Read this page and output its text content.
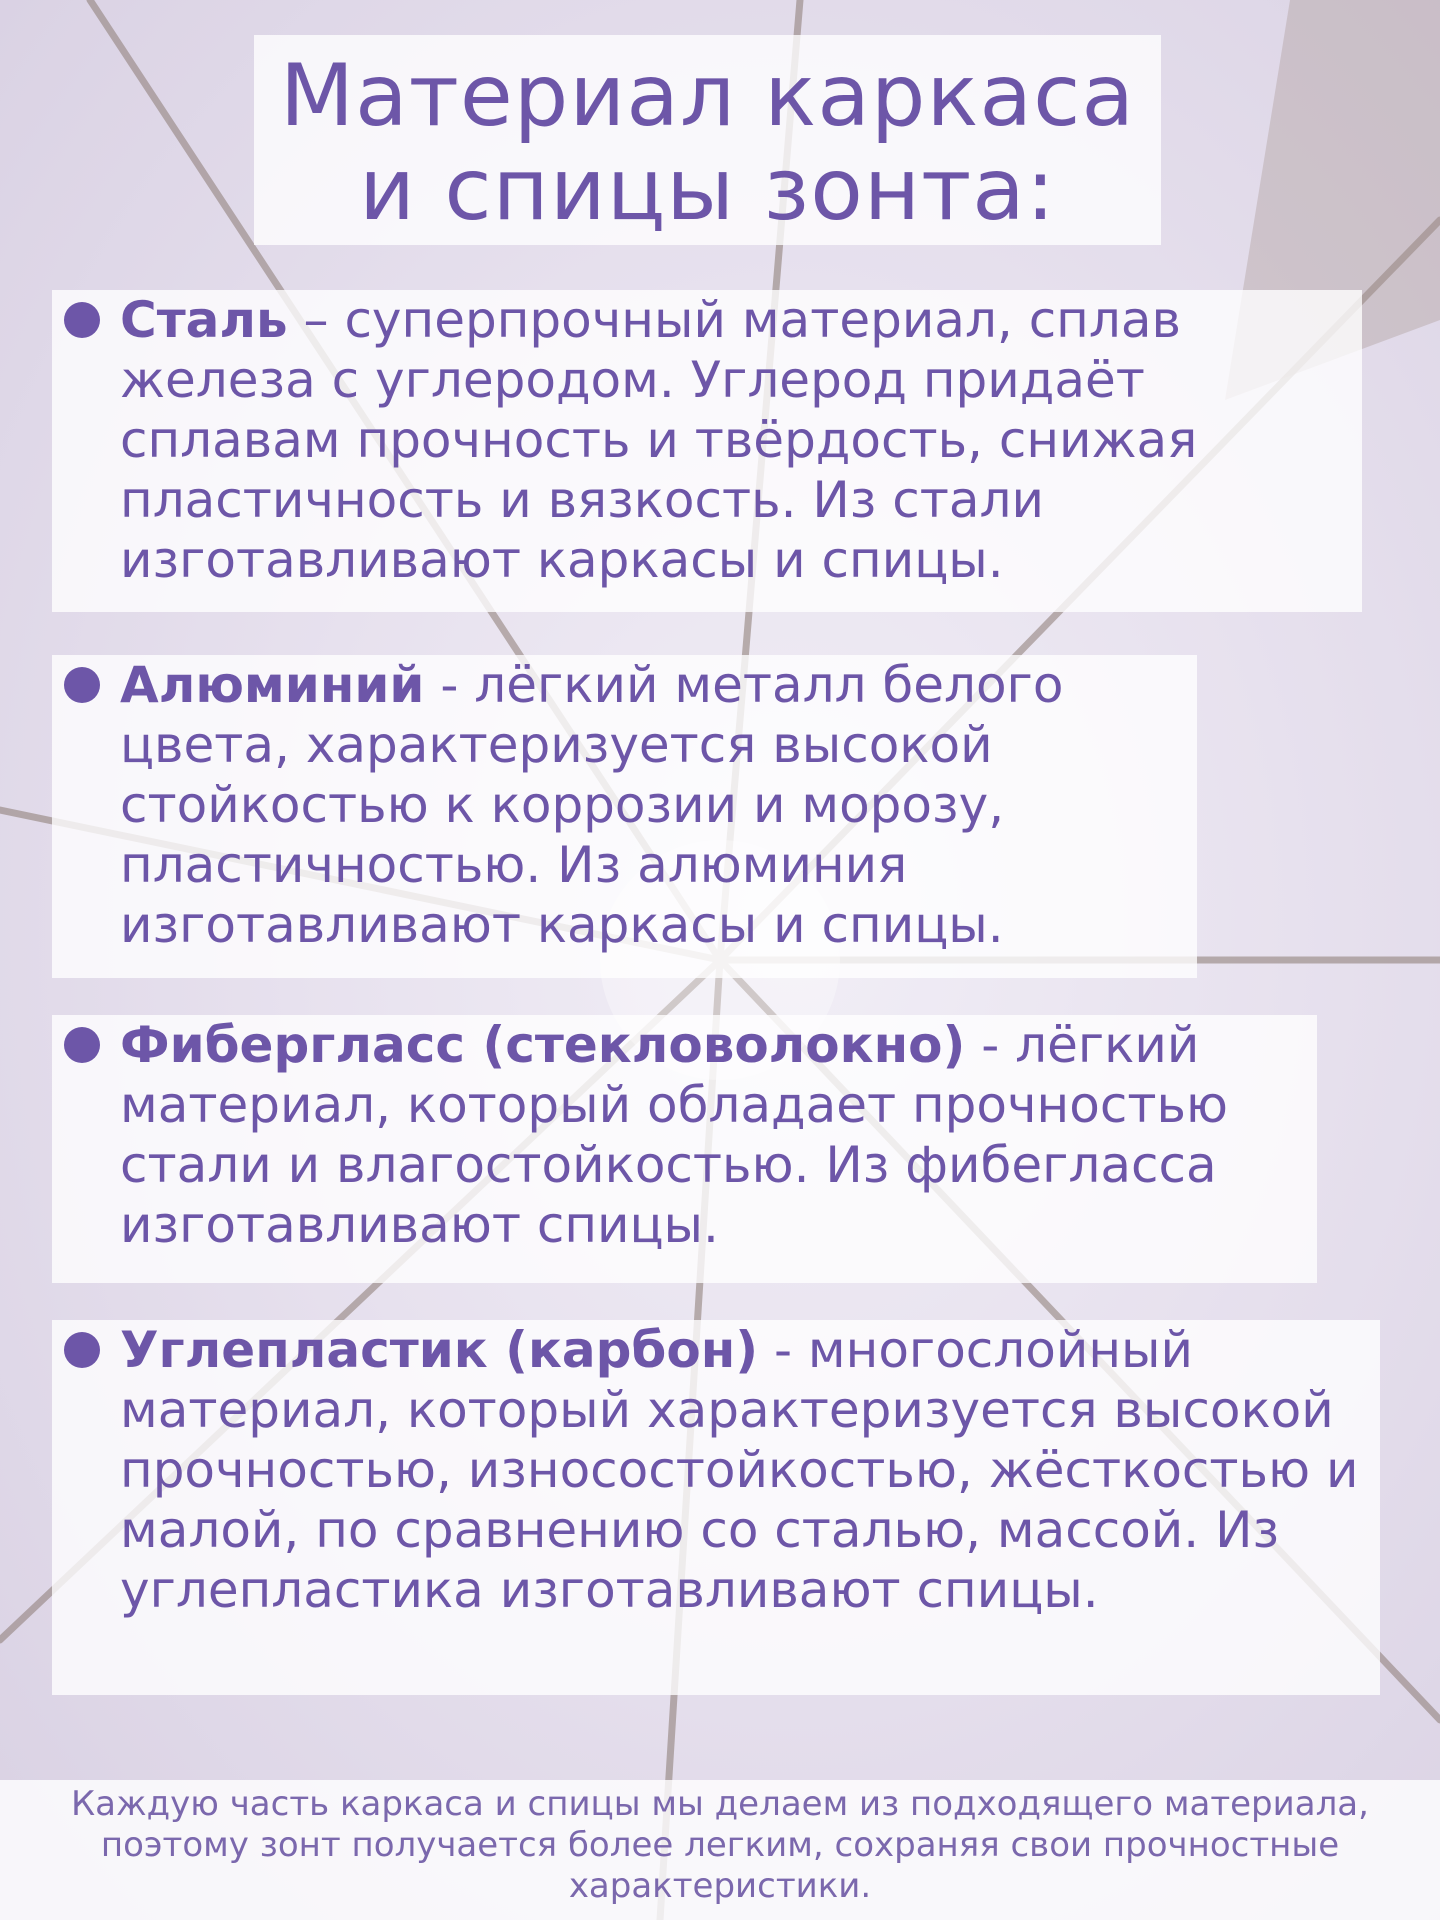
Материал каркаса
и спицы зонта:
Сталь – суперпрочный материал, сплав железа с углеродом. Углерод придаёт сплавам прочность и твёрдость, снижая пластичность и вязкость. Из стали изготавливают каркасы и спицы.
Алюминий - лёгкий металл белого цвета, характеризуется высокой стойкостью к коррозии и морозу, пластичностью. Из алюминия изготавливают каркасы и спицы.
Фибергласс (стекловолокно) - лёгкий материал, который обладает прочностью стали и влагостойкостью. Из фибегласса изготавливают спицы.
Углепластик (карбон) - многослойный материал, который характеризуется высокой прочностью, износостойкостью, жёсткостью и малой, по сравнению со сталью, массой. Из углепластика изготавливают спицы.
Каждую часть каркаса и спицы мы делаем из подходящего материала, поэтому зонт получается более легким, сохраняя свои прочностные характеристики.
